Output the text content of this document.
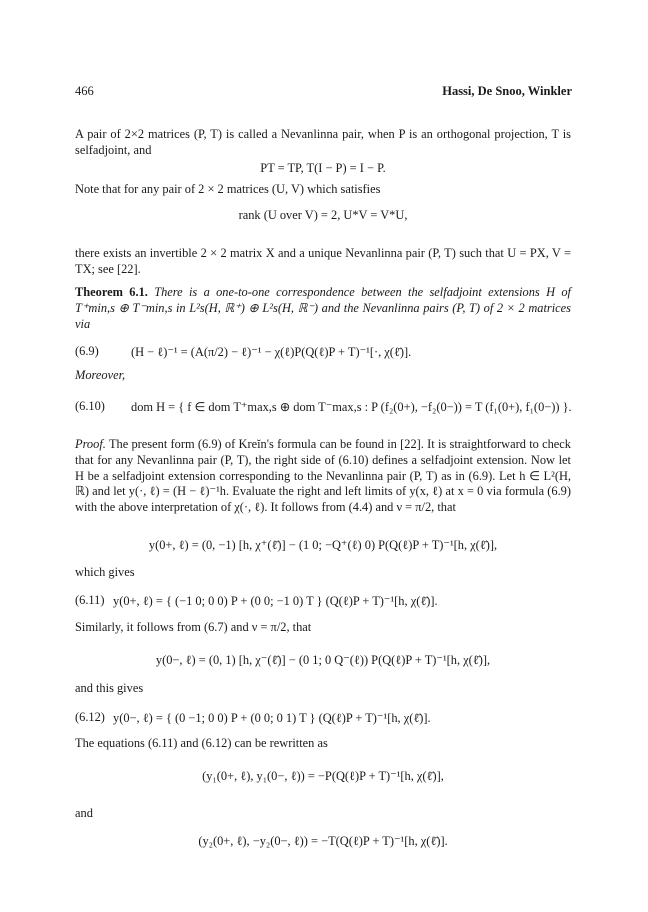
466	Hassi, De Snoo, Winkler
A pair of 2×2 matrices (P, T) is called a Nevanlinna pair, when P is an orthogonal projection, T is selfadjoint, and
PT = TP, T(I − P) = I − P.
Note that for any pair of 2 × 2 matrices (U, V) which satisfies
rank (U over V) = 2, U*V = V*U,
there exists an invertible 2 × 2 matrix X and a unique Nevanlinna pair (P, T) such that U = PX, V = TX; see [22].
Theorem 6.1. There is a one-to-one correspondence between the selfadjoint extensions H of T⁺min,s ⊕ T⁻min,s in L²s(H, ℝ⁺) ⊕ L²s(H, ℝ⁻) and the Nevanlinna pairs (P, T) of 2 × 2 matrices via
(6.9)	(H − ℓ)⁻¹ = (A(π/2) − ℓ)⁻¹ − χ(ℓ)P(Q(ℓ)P + T)⁻¹[·, χ(ℓ̄)].
Moreover,
(6.10) dom H = { f ∈ dom T⁺max,s ⊕ dom T⁻max,s : P (f₂(0+), −f₂(0−)) = T (f₁(0+), f₁(0−)) }.
Proof. The present form (6.9) of Kreĭn's formula can be found in [22]. It is straightforward to check that for any Nevanlinna pair (P, T), the right side of (6.10) defines a selfadjoint extension. Now let H be a selfadjoint extension corresponding to the Nevanlinna pair (P, T) as in (6.9). Let h ∈ L²(H, ℝ) and let y(·, ℓ) = (H − ℓ)⁻¹h. Evaluate the right and left limits of y(x, ℓ) at x = 0 via formula (6.9) with the above interpretation of χ(·, ℓ). It follows from (4.4) and ν = π/2, that
y(0+, ℓ) = (0, −1) [h, χ⁺(ℓ̄)] − (1 0; −Q⁺(ℓ) 0) P(Q(ℓ)P + T)⁻¹[h, χ(ℓ̄)],
which gives
(6.11) y(0+, ℓ) = { (−1 0; 0 0) P + (0 0; −1 0) T } (Q(ℓ)P + T)⁻¹[h, χ(ℓ̄)].
Similarly, it follows from (6.7) and ν = π/2, that
y(0−, ℓ) = (0, 1) [h, χ⁻(ℓ̄)] − (0 1; 0 Q⁻(ℓ)) P(Q(ℓ)P + T)⁻¹[h, χ(ℓ̄)],
and this gives
(6.12) y(0−, ℓ) = { (0 −1; 0 0) P + (0 0; 0 1) T } (Q(ℓ)P + T)⁻¹[h, χ(ℓ̄)].
The equations (6.11) and (6.12) can be rewritten as
(y₁(0+, ℓ), y₁(0−, ℓ)) = −P(Q(ℓ)P + T)⁻¹[h, χ(ℓ̄)],
and
(y₂(0+, ℓ), −y₂(0−, ℓ)) = −T(Q(ℓ)P + T)⁻¹[h, χ(ℓ̄)].
